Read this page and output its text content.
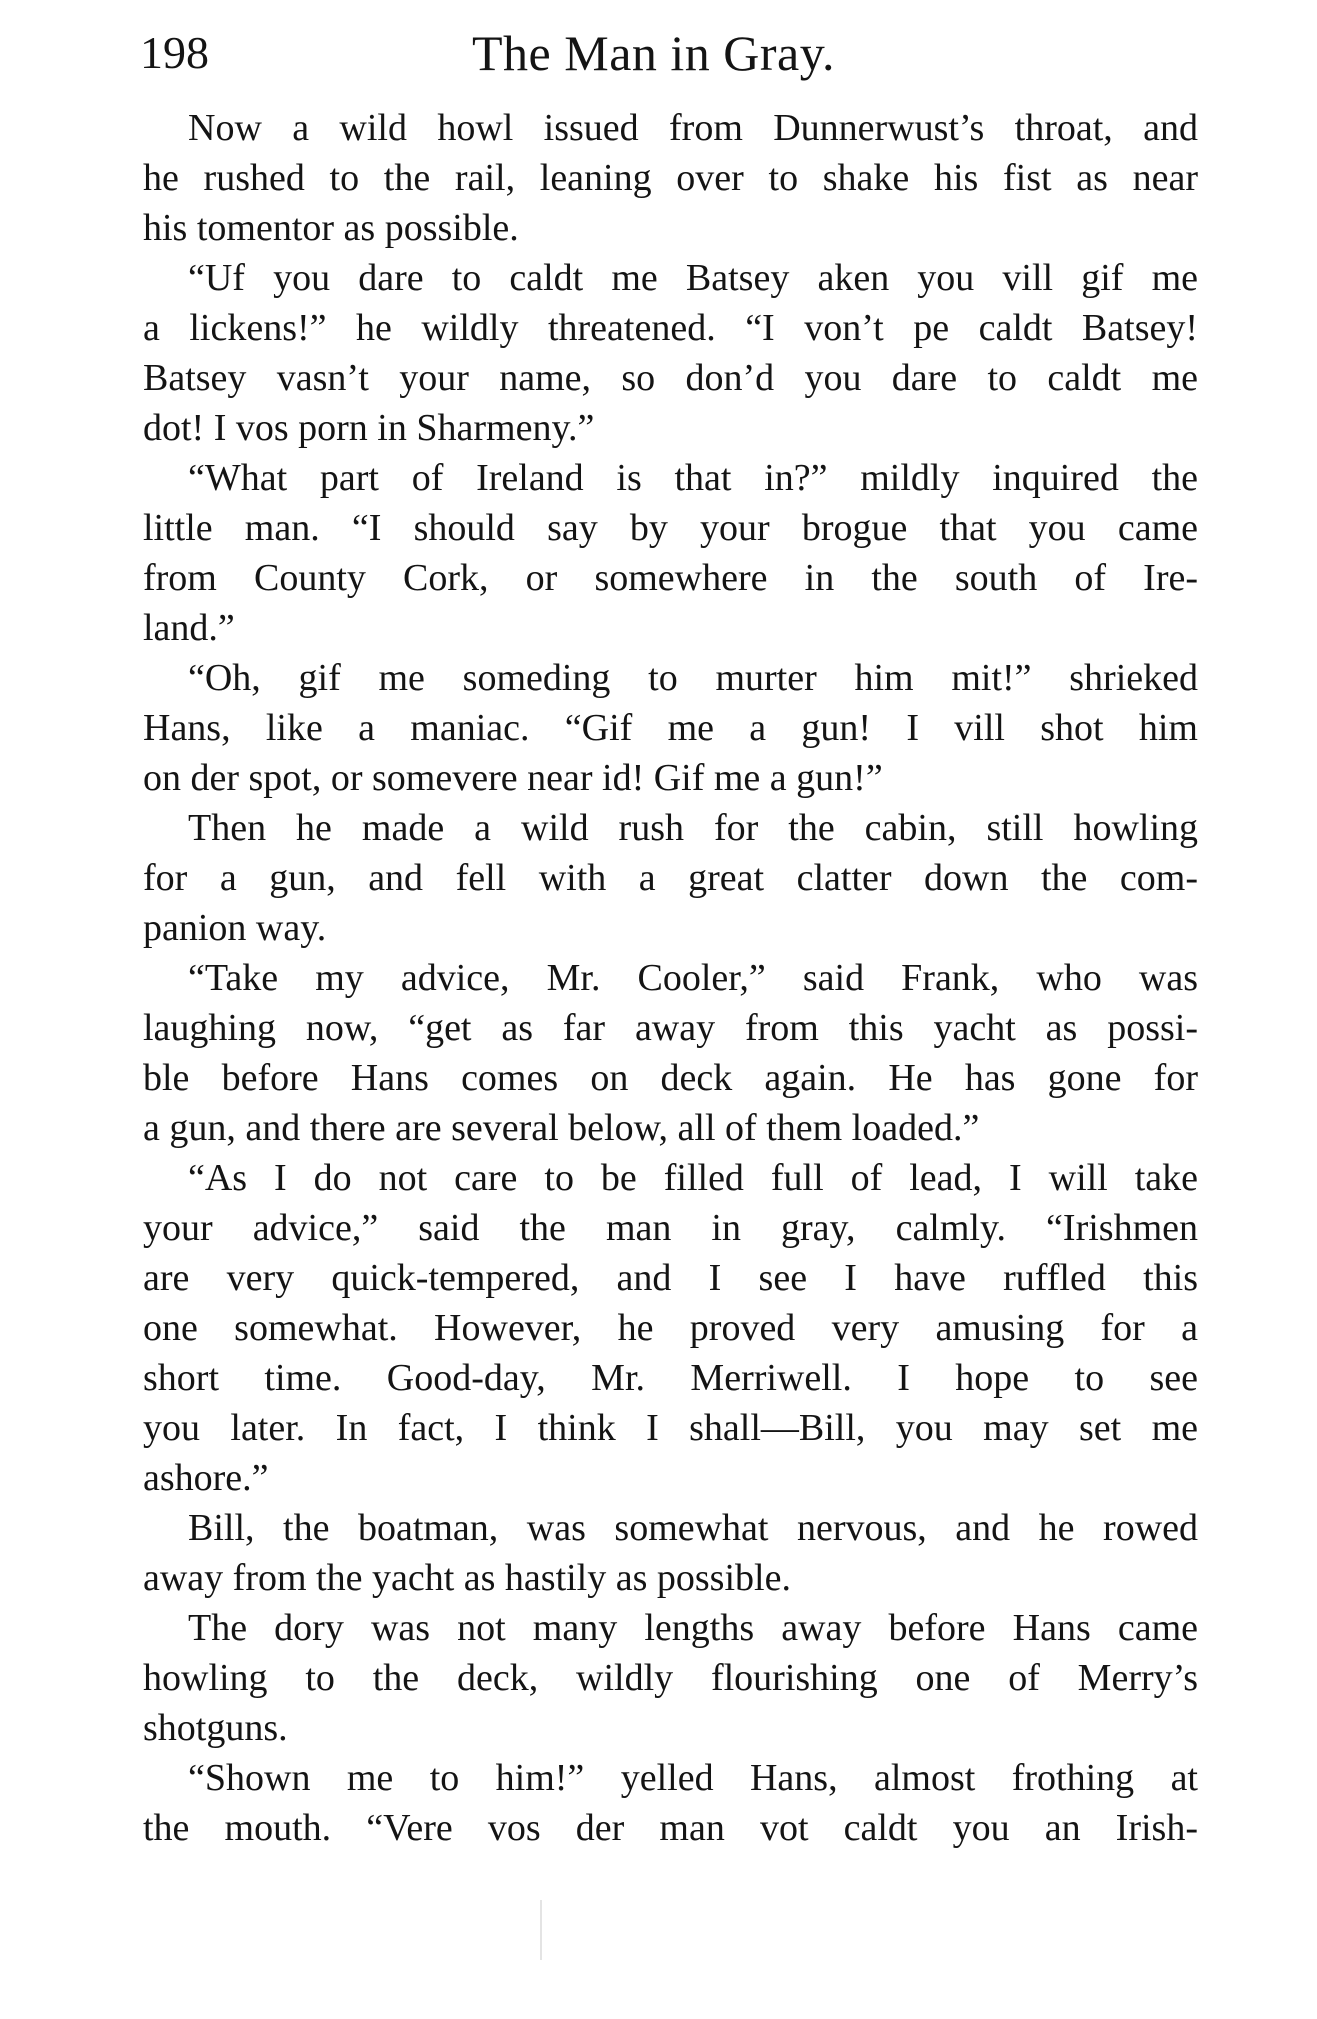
198	The Man in Gray.
Now a wild howl issued from Dunnerwust’s throat, and
he rushed to the rail, leaning over to shake his fist as near
his tomentor as possible.
“Uf you dare to caldt me Batsey aken you vill gif me
a lickens!” he wildly threatened. “I von’t pe caldt Batsey!
Batsey vasn’t your name, so don’d you dare to caldt me
dot! I vos porn in Sharmeny.”
“What part of Ireland is that in?” mildly inquired the
little man. “I should say by your brogue that you came
from County Cork, or somewhere in the south of Ire-
land.”
“Oh, gif me someding to murter him mit!” shrieked
Hans, like a maniac. “Gif me a gun! I vill shot him
on der spot, or somevere near id! Gif me a gun!”
Then he made a wild rush for the cabin, still howling
for a gun, and fell with a great clatter down the com-
panion way.
“Take my advice, Mr. Cooler,” said Frank, who was
laughing now, “get as far away from this yacht as possi-
ble before Hans comes on deck again. He has gone for
a gun, and there are several below, all of them loaded.”
“As I do not care to be filled full of lead, I will take
your advice,” said the man in gray, calmly. “Irishmen
are very quick-tempered, and I see I have ruffled this
one somewhat. However, he proved very amusing for a
short time. Good-day, Mr. Merriwell. I hope to see
you later. In fact, I think I shall—Bill, you may set me
ashore.”
Bill, the boatman, was somewhat nervous, and he rowed
away from the yacht as hastily as possible.
The dory was not many lengths away before Hans came
howling to the deck, wildly flourishing one of Merry’s
shotguns.
“Shown me to him!” yelled Hans, almost frothing at
the mouth. “Vere vos der man vot caldt you an Irish-
